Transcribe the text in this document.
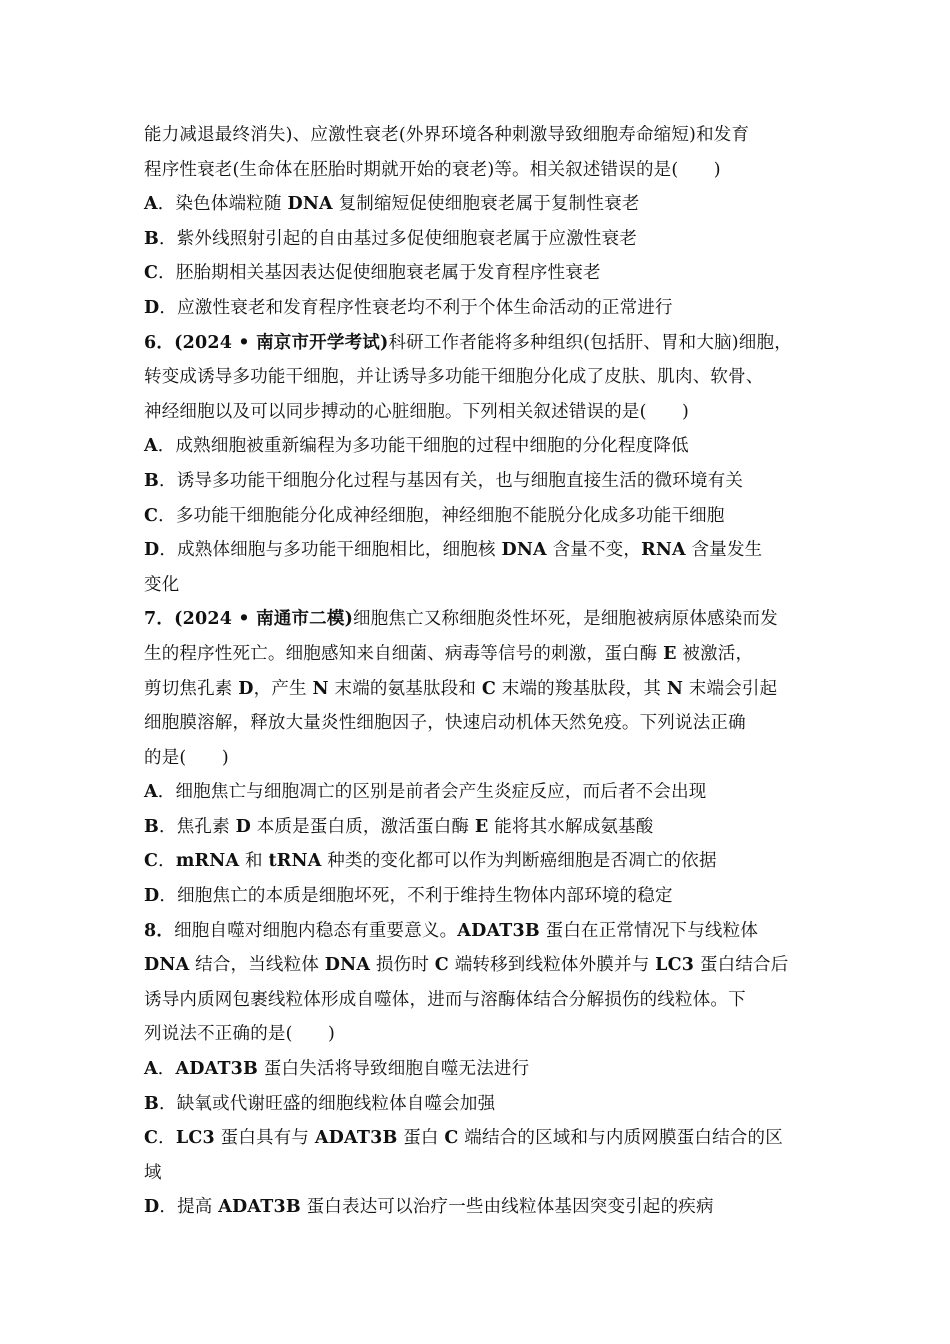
能力减退最终消失)、应激性衰老(外界环境各种刺激导致细胞寿命缩短)和发育
程序性衰老(生命体在胚胎时期就开始的衰老)等。相关叙述错误的是(　　)
A．染色体端粒随 DNA 复制缩短促使细胞衰老属于复制性衰老
B．紫外线照射引起的自由基过多促使细胞衰老属于应激性衰老
C．胚胎期相关基因表达促使细胞衰老属于发育程序性衰老
D．应激性衰老和发育程序性衰老均不利于个体生命活动的正常进行
6．(2024 • 南京市开学考试)科研工作者能将多种组织(包括肝、胃和大脑)细胞，
转变成诱导多功能干细胞，并让诱导多功能干细胞分化成了皮肤、肌肉、软骨、
神经细胞以及可以同步搏动的心脏细胞。下列相关叙述错误的是(　　)
A．成熟细胞被重新编程为多功能干细胞的过程中细胞的分化程度降低
B．诱导多功能干细胞分化过程与基因有关，也与细胞直接生活的微环境有关
C．多功能干细胞能分化成神经细胞，神经细胞不能脱分化成多功能干细胞
D．成熟体细胞与多功能干细胞相比，细胞核 DNA 含量不变，RNA 含量发生
变化
7．(2024 • 南通市二模)细胞焦亡又称细胞炎性坏死，是细胞被病原体感染而发
生的程序性死亡。细胞感知来自细菌、病毒等信号的刺激，蛋白酶 E 被激活，
剪切焦孔素 D，产生 N 末端的氨基肽段和 C 末端的羧基肽段，其 N 末端会引起
细胞膜溶解，释放大量炎性细胞因子，快速启动机体天然免疫。下列说法正确
的是(　　)
A．细胞焦亡与细胞凋亡的区别是前者会产生炎症反应，而后者不会出现
B．焦孔素 D 本质是蛋白质，激活蛋白酶 E 能将其水解成氨基酸
C．mRNA 和 tRNA 种类的变化都可以作为判断癌细胞是否凋亡的依据
D．细胞焦亡的本质是细胞坏死，不利于维持生物体内部环境的稳定
8．细胞自噬对细胞内稳态有重要意义。ADAT3B 蛋白在正常情况下与线粒体
DNA 结合，当线粒体 DNA 损伤时 C 端转移到线粒体外膜并与 LC3 蛋白结合后
诱导内质网包裹线粒体形成自噬体，进而与溶酶体结合分解损伤的线粒体。下
列说法不正确的是(　　)
A．ADAT3B 蛋白失活将导致细胞自噬无法进行
B．缺氧或代谢旺盛的细胞线粒体自噬会加强
C．LC3 蛋白具有与 ADAT3B 蛋白 C 端结合的区域和与内质网膜蛋白结合的区
域
D．提高 ADAT3B 蛋白表达可以治疗一些由线粒体基因突变引起的疾病
